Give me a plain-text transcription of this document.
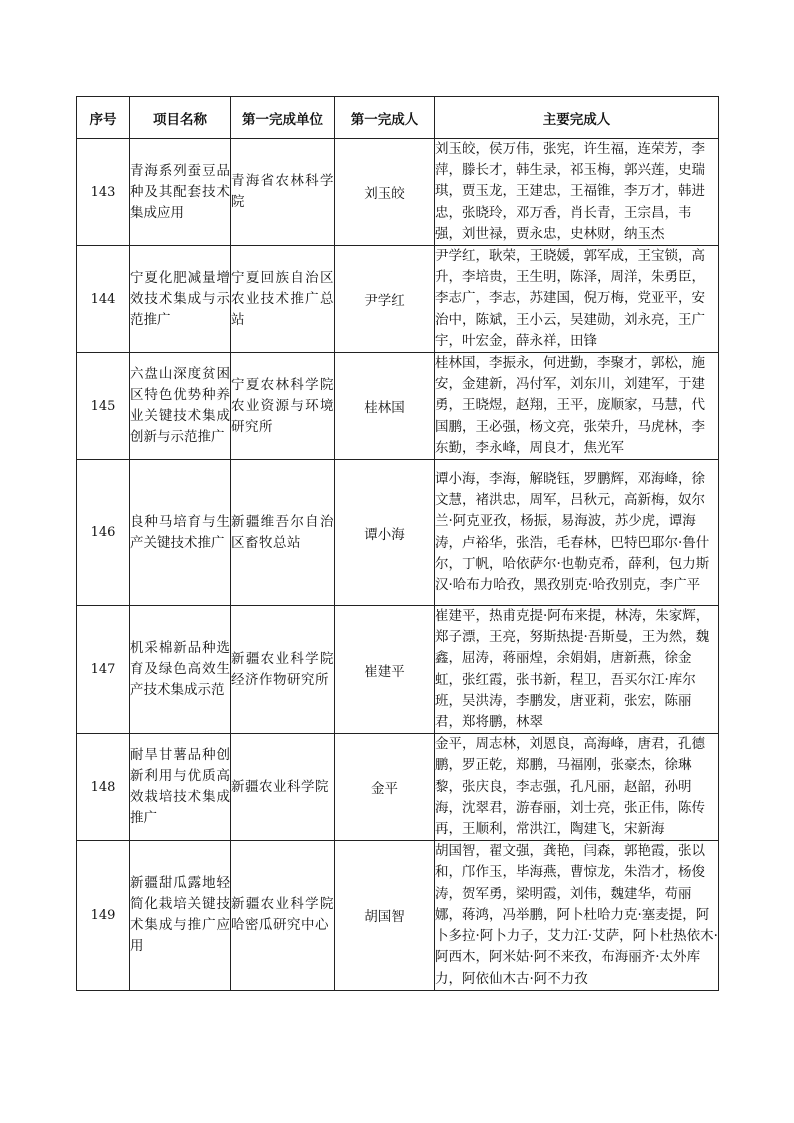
序号	项目名称	第一完成单位	第一完成人	主要完成人
143	青海系列蚕豆品种及其配套技术集成应用	青海省农林科学院	刘玉皎	刘玉皎，侯万伟，张宪，许生福，连荣芳，李萍，滕长才，韩生录，祁玉梅，郭兴莲，史瑞琪，贾玉龙，王建忠，王福锥，李万才，韩进忠，张晓玲，邓万香，肖长青，王宗昌，韦强，刘世禄，贾永忠，史林财，纳玉杰
144	宁夏化肥减量增效技术集成与示范推广	宁夏回族自治区农业技术推广总站	尹学红	尹学红，耿荣，王晓媛，郭军成，王宝锁，高升，李培贵，王生明，陈泽，周洋，朱勇臣，李志广，李志，苏建国，倪万梅，党亚平，安治中，陈斌，王小云，吴建勋，刘永亮，王广宇，叶宏金，薛永祥，田锋
145	六盘山深度贫困区特色优势种养业关键技术集成创新与示范推广	宁夏农林科学院农业资源与环境研究所	桂林国	桂林国，李振永，何进勤，李聚才，郭松，施安，金建新，冯付军，刘东川，刘建军，于建勇，王晓煜，赵翔，王平，庞顺家，马慧，代国鹏，王必强，杨文亮，张荣升，马虎林，李东勤，李永峰，周良才，焦光军
146	良种马培育与生产关键技术推广	新疆维吾尔自治区畜牧总站	谭小海	谭小海，李海，解晓钰，罗鹏辉，邓海峰，徐文慧，褚洪忠，周军，吕秋元，高新梅，奴尔兰·阿克亚孜，杨振，易海波，苏少虎，谭海涛，卢裕华，张浩，毛春林，巴特巴耶尔·鲁什尔，丁帆，哈依萨尔·也勒克希，薛利，包力斯汉·哈布力哈孜，黑孜别克·哈孜别克，李广平
147	机采棉新品种选育及绿色高效生产技术集成示范	新疆农业科学院经济作物研究所	崔建平	崔建平，热甫克提·阿布来提，林涛，朱家辉，郑子漂，王亮，努斯热提·吾斯曼，王为然，魏鑫，屈涛，蒋丽煌，余娟娟，唐新燕，徐金虹，张红霞，张书新，程卫，吾买尔江·库尔班，吴洪涛，李鹏发，唐亚莉，张宏，陈丽君，郑将鹏，林翠
148	耐旱甘薯品种创新利用与优质高效栽培技术集成推广	新疆农业科学院	金平	金平，周志林，刘恩良，高海峰，唐君，孔德鹏，罗正乾，郑鹏，马福刚，张豪杰，徐琳黎，张庆良，李志强，孔凡丽，赵韶，孙明海，沈翠君，游春丽，刘士亮，张正伟，陈传再，王顺利，常洪江，陶建飞，宋新海
149	新疆甜瓜露地轻简化栽培关键技术集成与推广应用	新疆农业科学院哈密瓜研究中心	胡国智	胡国智，翟文强，龚艳，闫森，郭艳霞，张以和，邝作玉，毕海燕，曹惊龙，朱浩才，杨俊涛，贺军勇，梁明霞，刘伟，魏建华，苟丽娜，蒋鸿，冯举鹏，阿卜杜哈力克·塞麦提，阿卜多拉·阿卜力子，艾力江·艾萨，阿卜杜热依木·阿西木，阿米姑·阿不来孜，布海丽齐·太外库力，阿依仙木古·阿不力孜
